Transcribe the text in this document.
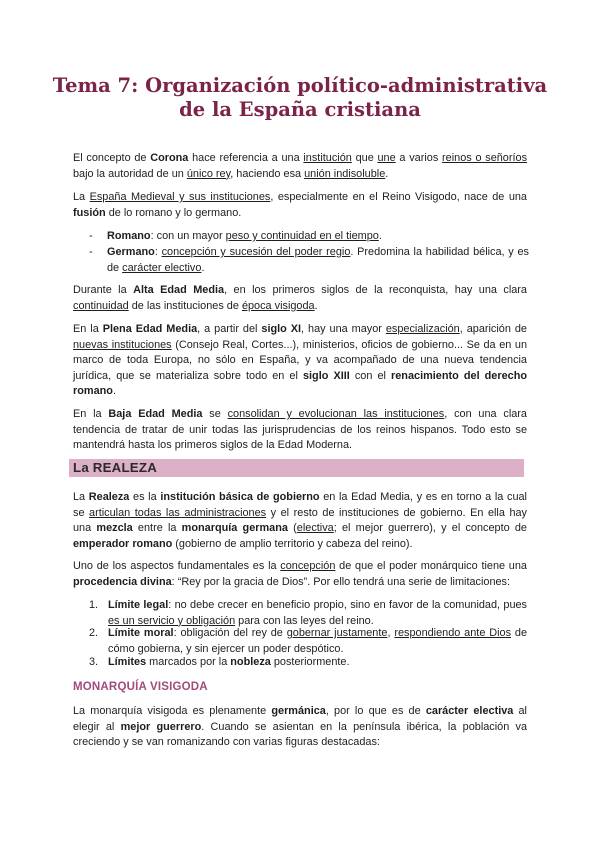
Tema 7: Organización político-administrativa de la España cristiana

El concepto de Corona hace referencia a una institución que une a varios reinos o señoríos bajo la autoridad de un único rey, haciendo esa unión indisoluble.

La España Medieval y sus instituciones, especialmente en el Reino Visigodo, nace de una fusión de lo romano y lo germano.

- Romano: con un mayor peso y continuidad en el tiempo.
- Germano: concepción y sucesión del poder regio. Predomina la habilidad bélica, y es de carácter electivo.

Durante la Alta Edad Media, en los primeros siglos de la reconquista, hay una clara continuidad de las instituciones de época visigoda.

En la Plena Edad Media, a partir del siglo XI, hay una mayor especialización, aparición de nuevas instituciones (Consejo Real, Cortes...), ministerios, oficios de gobierno... Se da en un marco de toda Europa, no sólo en España, y va acompañado de una nueva tendencia jurídica, que se materializa sobre todo en el siglo XIII con el renacimiento del derecho romano.

En la Baja Edad Media se consolidan y evolucionan las instituciones, con una clara tendencia de tratar de unir todas las jurisprudencias de los reinos hispanos. Todo esto se mantendrá hasta los primeros siglos de la Edad Moderna.

La REALEZA

La Realeza es la institución básica de gobierno en la Edad Media, y es en torno a la cual se articulan todas las administraciones y el resto de instituciones de gobierno. En ella hay una mezcla entre la monarquía germana (electiva; el mejor guerrero), y el concepto de emperador romano (gobierno de amplio territorio y cabeza del reino).

Uno de los aspectos fundamentales es la concepción de que el poder monárquico tiene una procedencia divina: “Rey por la gracia de Dios”. Por ello tendrá una serie de limitaciones:

1. Límite legal: no debe crecer en beneficio propio, sino en favor de la comunidad, pues es un servicio y obligación para con las leyes del reino.
2. Límite moral: obligación del rey de gobernar justamente, respondiendo ante Dios de cómo gobierna, y sin ejercer un poder despótico.
3. Límites marcados por la nobleza posteriormente.
MONARQUÍA VISIGODA

La monarquía visigoda es plenamente germánica, por lo que es de carácter electiva al elegir al mejor guerrero. Cuando se asientan en la península ibérica, la población va creciendo y se van romanizando con varias figuras destacadas:
